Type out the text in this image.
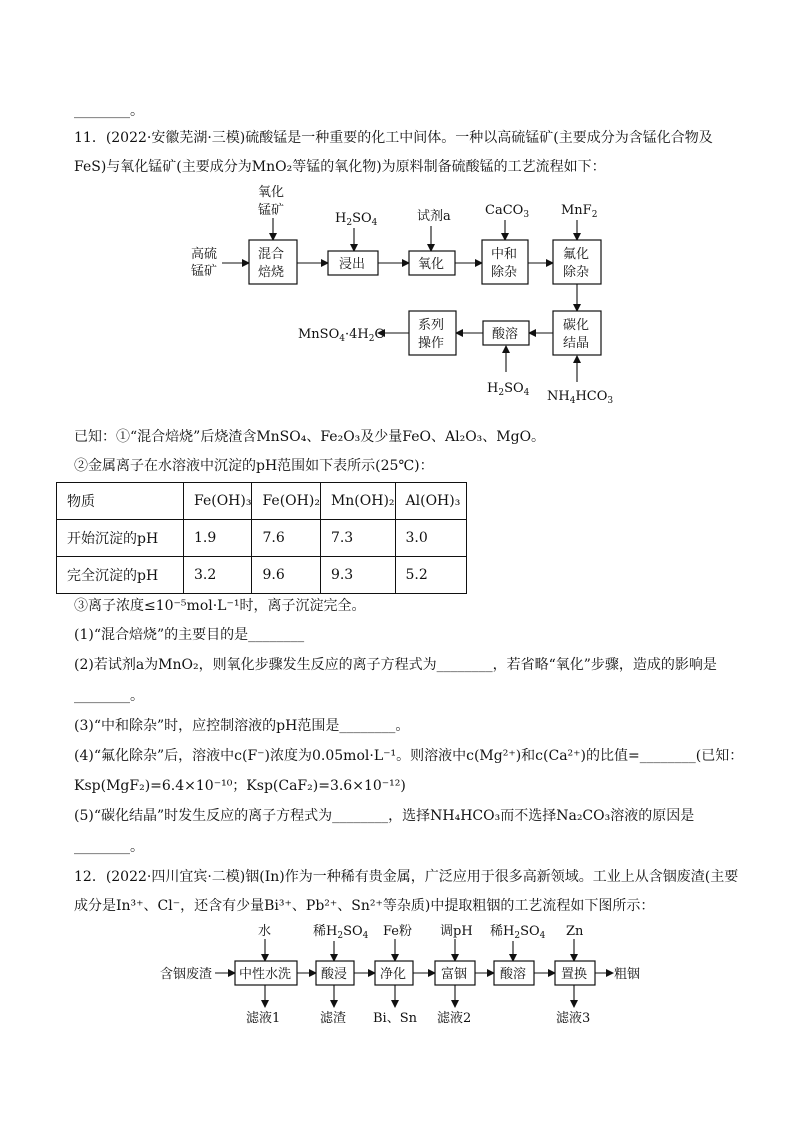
________。
11．(2022·安徽芜湖·三模)硫酸锰是一种重要的化工中间体。一种以高硫锰矿(主要成分为含锰化合物及
FeS)与氧化锰矿(主要成分为MnO₂等锰的氧化物)为原料制备硫酸锰的工艺流程如下：
高硫
锰矿
氧化
锰矿
混合
焙烧
$H_2SO_4$
浸出
试剂a
氧化
CaCO$_3$
中和
除杂
MnF$_2$
氟化
除杂
碳化
结晶
$NH_4HCO_3$
酸溶
$H_2SO_4$
系列
操作
$MnSO_4\cdot 4H_2O$
已知：①“混合焙烧”后烧渣含MnSO₄、Fe₂O₃及少量FeO、Al₂O₃、MgO。
②金属离子在水溶液中沉淀的pH范围如下表所示(25℃)：
物质	Fe(OH)₃	Fe(OH)₂	Mn(OH)₂	Al(OH)₃
开始沉淀的pH	1.9	7.6	7.3	3.0
完全沉淀的pH	3.2	9.6	9.3	5.2
③离子浓度≤10⁻⁵mol·L⁻¹时，离子沉淀完全。
(1)“混合焙烧”的主要目的是________
(2)若试剂a为MnO₂，则氧化步骤发生反应的离子方程式为________，若省略“氧化”步骤，造成的影响是
________。
(3)“中和除杂”时，应控制溶液的pH范围是________。
(4)“氟化除杂”后，溶液中c(F⁻)浓度为0.05mol·L⁻¹。则溶液中c(Mg²⁺)和c(Ca²⁺)的比值=________(已知：
Ksp(MgF₂)=6.4×10⁻¹⁰；Ksp(CaF₂)=3.6×10⁻¹²)
(5)“碳化结晶”时发生反应的离子方程式为________，选择NH₄HCO₃而不选择Na₂CO₃溶液的原因是
________。
12．(2022·四川宜宾·二模)铟(In)作为一种稀有贵金属，广泛应用于很多高新领域。工业上从含铟废渣(主要
成分是In³⁺、Cl⁻，还含有少量Bi³⁺、Pb²⁺、Sn²⁺等杂质)中提取粗铟的工艺流程如下图所示：
含铟废渣
水
中性水洗
滤液1
稀$H_2SO_4$
酸浸
滤渣
Fe粉
净化
Bi、Sn
调pH
富铟
滤液2
稀$H_2SO_4$
酸溶
Zn
置换
滤液3
粗铟
